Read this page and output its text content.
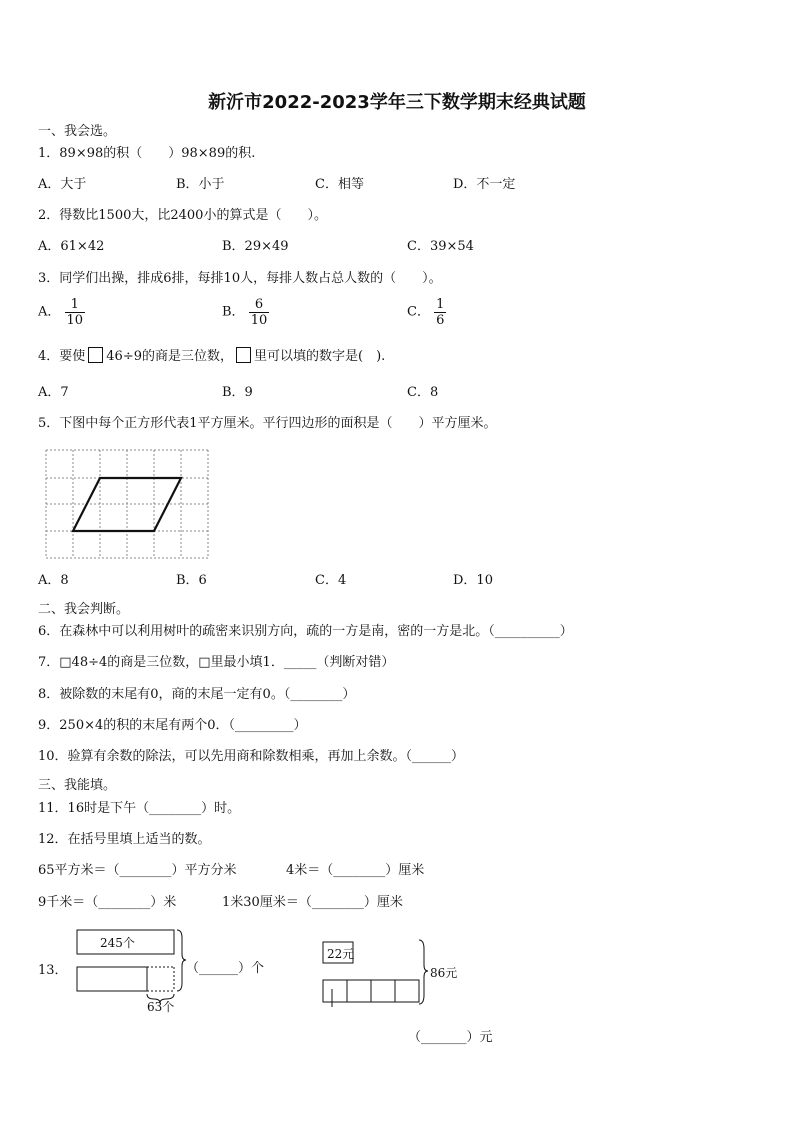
新沂市2022-2023学年三下数学期末经典试题
一、我会选。
1．89×98的积（　　）98×89的积.
A．大于	B．小于	C．相等	D．不一定
2．得数比1500大，比2400小的算式是（　　）。
A．61×42	B．29×49	C．39×54
3．同学们出操，排成6排，每排10人，每排人数占总人数的（　　）。
A． $\frac{1}{10}$	B． $\frac{6}{10}$	C． $\frac{1}{6}$
4．要使 46÷9的商是三位数， 里可以填的数字是(　).
A．7	B．9	C．8
5．下图中每个正方形代表1平方厘米。平行四边形的面积是（　　）平方厘米。
A．8	B．6	C．4	D．10
二、我会判断。
6．在森林中可以利用树叶的疏密来识别方向，疏的一方是南，密的一方是北。（__________）
7．□48÷4的商是三位数，□里最小填1．_____（判断对错）
8．被除数的末尾有0，商的末尾一定有0。（________）
9．250×4的积的末尾有两个0．（_________）
10．验算有余数的除法，可以先用商和除数相乘，再加上余数。（______）
三、我能填。
11．16时是下午（________）时。
12．在括号里填上适当的数。
65平方米＝（________）平方分米	4米＝（________）厘米
9千米＝（________）米	1米30厘米＝（________）厘米
13．
245个
63个
（______）个
22元
86元
（_______）元
